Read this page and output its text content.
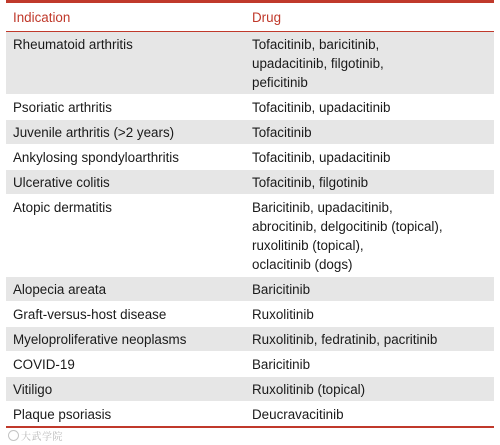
Indication	Drug
Rheumatoid arthritis	Tofacitinib, baricitinib,
upadacitinib, filgotinib,
peficitinib

Psoriatic arthritis	Tofacitinib, upadacitinib

Juvenile arthritis (>2 years)	Tofacitinib

Ankylosing spondyloarthritis	Tofacitinib, upadacitinib

Ulcerative colitis	Tofacitinib, filgotinib

Atopic dermatitis	Baricitinib, upadacitinib,
abrocitinib, delgocitinib (topical),
ruxolitinib (topical),
oclacitinib (dogs)

Alopecia areata	Baricitinib

Graft-versus-host disease	Ruxolitinib

Myeloproliferative neoplasms	Ruxolitinib, fedratinib, pacritinib

COVID-19	Baricitinib

Vitiligo	Ruxolitinib (topical)

Plaque psoriasis	Deucravacitinib
大武学院
